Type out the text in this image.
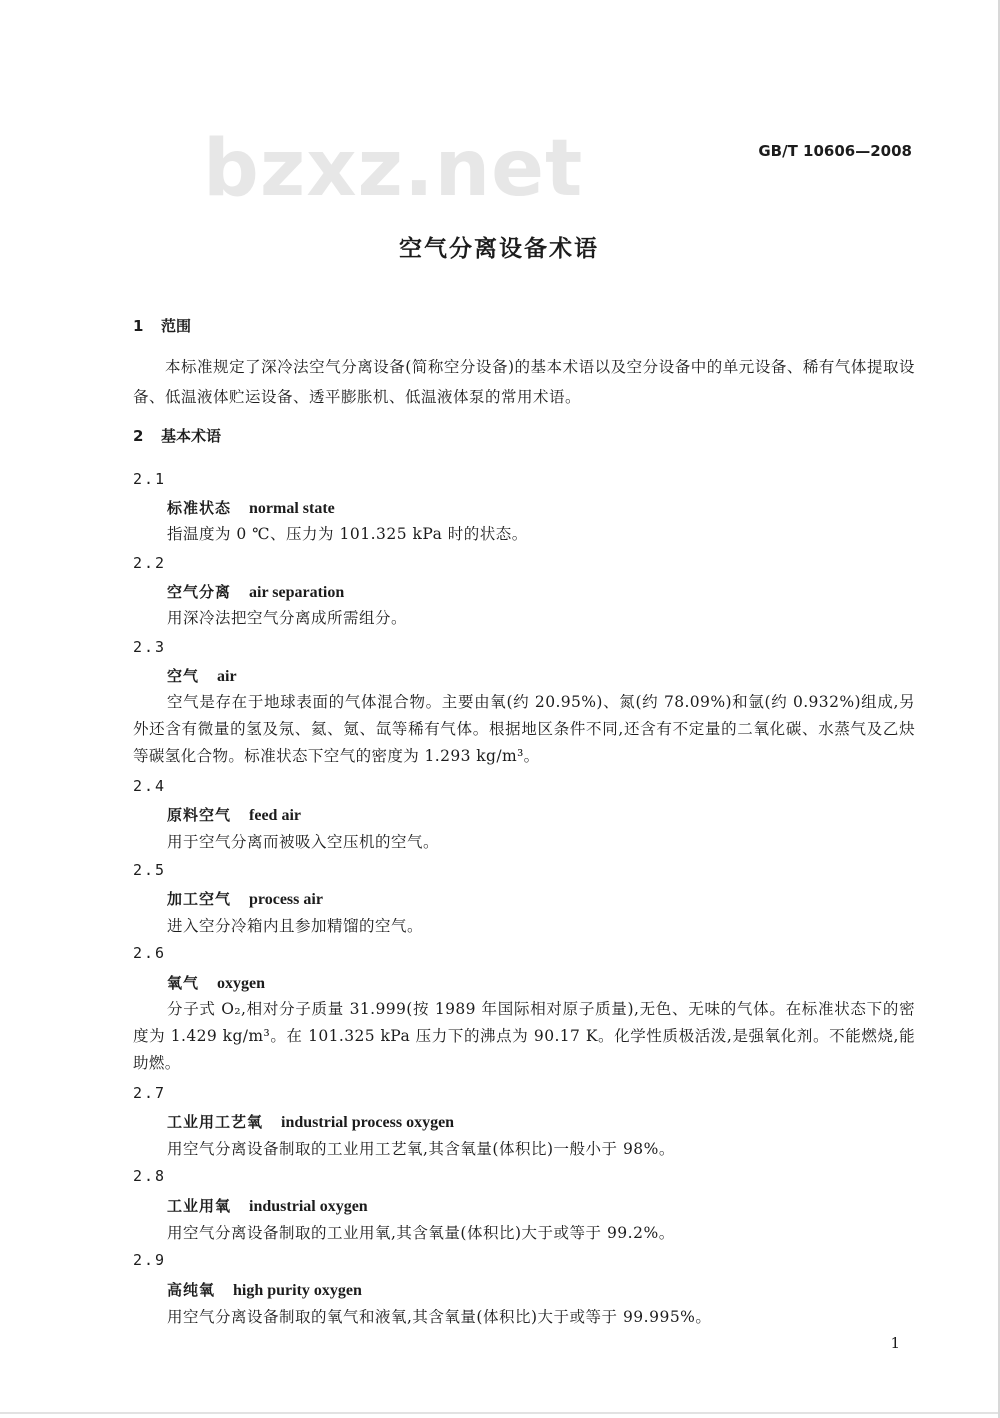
bzxz.net	GB/T 10606—2008
空气分离设备术语
1 范围
本标准规定了深冷法空气分离设备(简称空分设备)的基本术语以及空分设备中的单元设备、稀有气体提取设备、低温液体贮运设备、透平膨胀机、低温液体泵的常用术语。
2 基本术语
2.1
标准状态 normal state
指温度为 0 ℃、压力为 101.325 kPa 时的状态。
2.2
空气分离 air separation
用深冷法把空气分离成所需组分。
2.3
空气 air
空气是存在于地球表面的气体混合物。主要由氧(约 20.95%)、氮(约 78.09%)和氩(约 0.932%)组成,另外还含有微量的氢及氖、氦、氪、氙等稀有气体。根据地区条件不同,还含有不定量的二氧化碳、水蒸气及乙炔等碳氢化合物。标准状态下空气的密度为 1.293 kg/m³。
2.4
原料空气 feed air
用于空气分离而被吸入空压机的空气。
2.5
加工空气 process air
进入空分冷箱内且参加精馏的空气。
2.6
氧气 oxygen
分子式 O₂,相对分子质量 31.999(按 1989 年国际相对原子质量),无色、无味的气体。在标准状态下的密度为 1.429 kg/m³。在 101.325 kPa 压力下的沸点为 90.17 K。化学性质极活泼,是强氧化剂。不能燃烧,能助燃。
2.7
工业用工艺氧 industrial process oxygen
用空气分离设备制取的工业用工艺氧,其含氧量(体积比)一般小于 98%。
2.8
工业用氧 industrial oxygen
用空气分离设备制取的工业用氧,其含氧量(体积比)大于或等于 99.2%。
2.9
高纯氧 high purity oxygen
用空气分离设备制取的氧气和液氧,其含氧量(体积比)大于或等于 99.995%。
1
